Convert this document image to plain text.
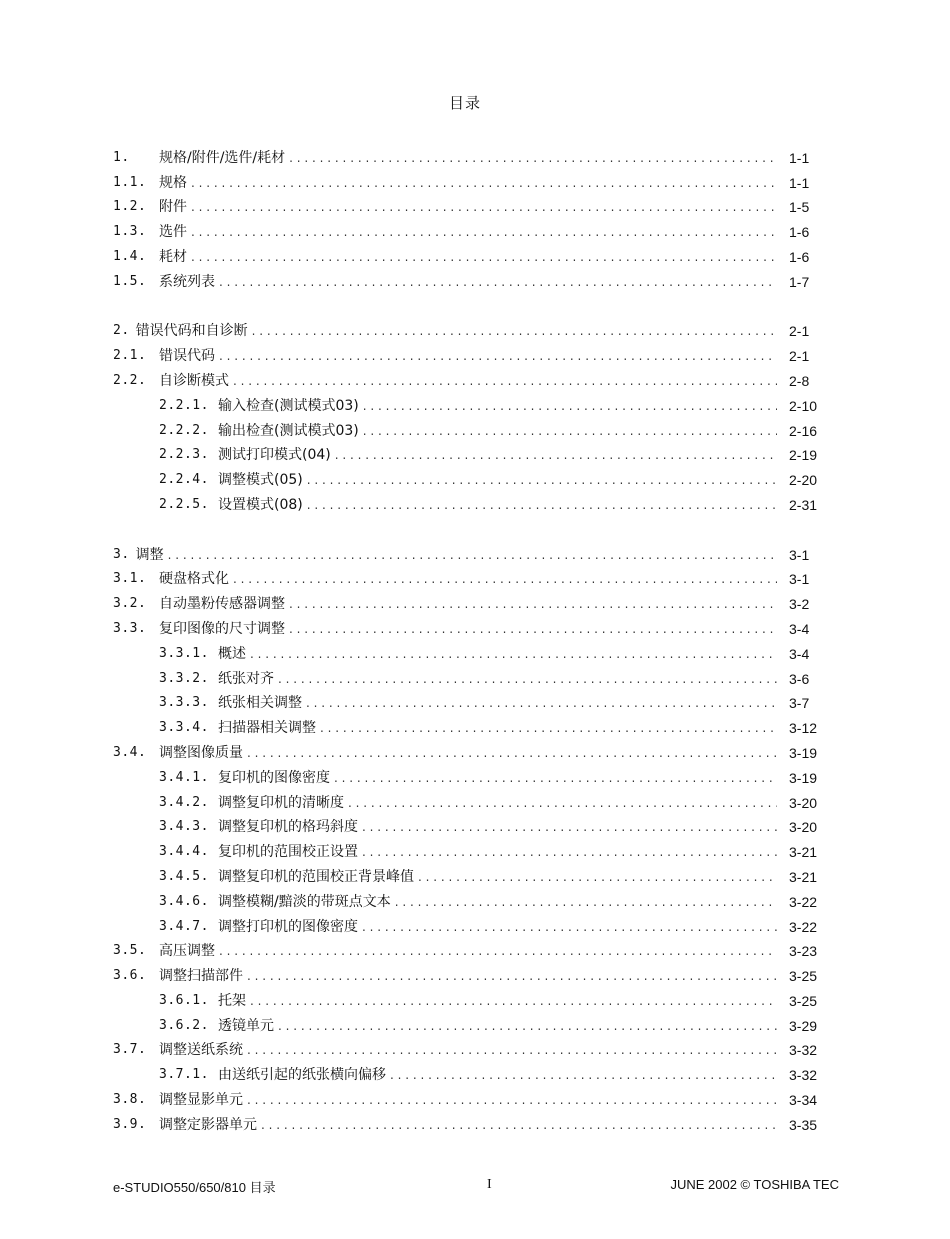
目录
1.	规格/附件/选件/耗材 . . .	1-1
1.1. 规格 . . .	1-1
1.2. 附件 . . .	1-5
1.3. 选件 . . .	1-6
1.4. 耗材 . . .	1-6
1.5. 系统列表 . . .	1-7
2. 错误代码和自诊断 . . .	2-1
2.1. 错误代码 . . .	2-1
2.2. 自诊断模式 . . .	2-8
2.2.1. 输入检查(测试模式03) . . .	2-10
2.2.2. 输出检查(测试模式03) . . .	2-16
2.2.3. 测试打印模式(04) . . .	2-19
2.2.4. 调整模式(05) . . .	2-20
2.2.5. 设置模式(08) . . .	2-31
3. 调整 . . .	3-1
3.1. 硬盘格式化 . . .	3-1
3.2. 自动墨粉传感器调整 . . .	3-2
3.3. 复印图像的尺寸调整 . . .	3-4
3.3.1. 概述 . . .	3-4
3.3.2. 纸张对齐 . . .	3-6
3.3.3. 纸张相关调整 . . .	3-7
3.3.4. 扫描器相关调整 . . .	3-12
3.4. 调整图像质量 . . .	3-19
3.4.1. 复印机的图像密度 . . .	3-19
3.4.2. 调整复印机的清晰度 . . .	3-20
3.4.3. 调整复印机的格玛斜度 . . .	3-20
3.4.4. 复印机的范围校正设置 . . .	3-21
3.4.5. 调整复印机的范围校正背景峰值 . . .	3-21
3.4.6. 调整模糊/黯淡的带斑点文本 . . .	3-22
3.4.7. 调整打印机的图像密度 . . .	3-22
3.5. 高压调整 . . .	3-23
3.6. 调整扫描部件 . . .	3-25
3.6.1. 托架 . . .	3-25
3.6.2. 透镜单元 . . .	3-29
3.7. 调整送纸系统 . . .	3-32
3.7.1. 由送纸引起的纸张横向偏移 . . .	3-32
3.8. 调整显影单元 . . .	3-34
3.9. 调整定影器单元 . . .	3-35
e-STUDIO550/650/810 目录	I	JUNE 2002 © TOSHIBA TEC
